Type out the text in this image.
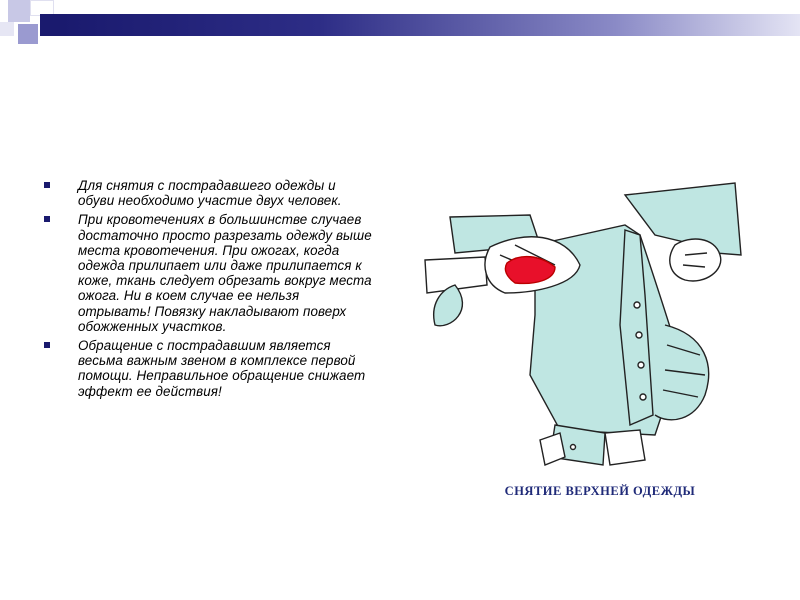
Для снятия с пострадавшего одежды и обуви необходимо участие двух человек.
При кровотечениях в большинстве случаев достаточно просто разрезать одежду выше места кровотечения. При ожогах, когда одежда прилипает или даже прилипается к коже, ткань следует обрезать вокруг места ожога. Ни в коем случае ее нельзя отрывать! Повязку накладывают поверх обожженных участков.
Обращение с пострадавшим является весьма важным звеном в комплексе первой помощи. Неправильное обращение снижает эффект ее действия!
СНЯТИЕ ВЕРХНЕЙ ОДЕЖДЫ
